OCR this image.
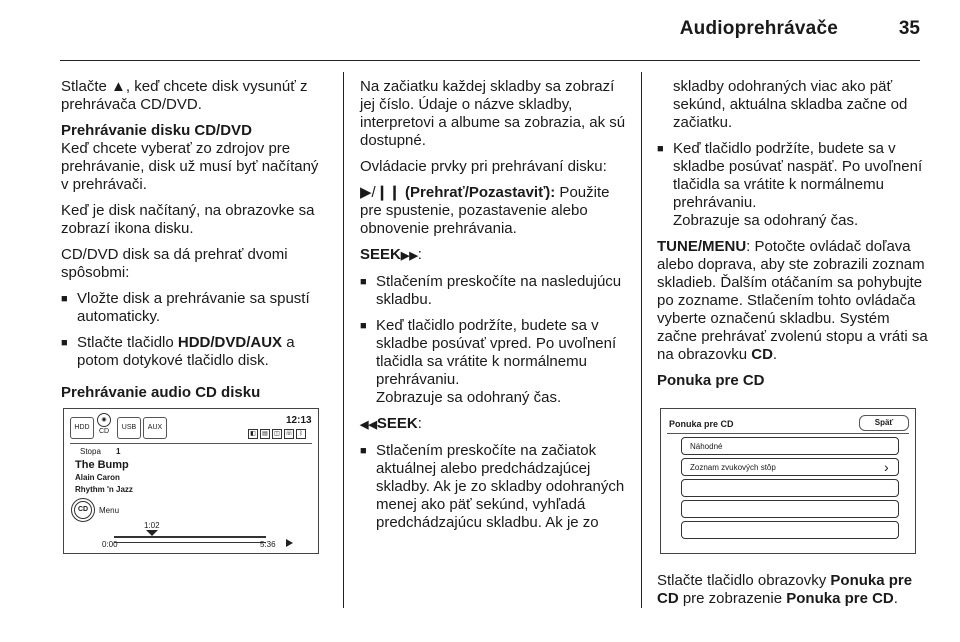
Audioprehrávače	35

Stlačte ▲, keď chcete disk vysunúť z prehrávača CD/DVD.

Prehrávanie disku CD/DVD

Keď chcete vyberať zo zdrojov pre prehrávanie, disk už musí byť načítaný v prehrávači.

Keď je disk načítaný, na obrazovke sa zobrazí ikona disku.

CD/DVD disk sa dá prehrať dvomi spôsobmi:

■ Vložte disk a prehrávanie sa spustí automaticky.
■ Stlačte tlačidlo HDD/DVD/AUX a potom dotykové tlačidlo disk.
Prehrávanie audio CD disku
HDD
◉
CD
USB	AUX
12:13
◧	▤	◫ ☏	ᛒ
Stopa 1
The Bump
Alain Caron
Rhythm 'n Jazz
CD	Menu
1:02
0:00	5:36

Na začiatku každej skladby sa zobrazí jej číslo. Údaje o názve skladby, interpretovi a albume sa zobrazia, ak sú dostupné.

Ovládacie prvky pri prehrávaní disku:

▶/❙❙ (Prehrať/Pozastaviť): Použite pre spustenie, pozastavenie alebo obnovenie prehrávania.

SEEK▶▶:

■ Stlačením preskočíte na nasledujúcu skladbu.
■ Keď tlačidlo podržíte, budete sa v skladbe posúvať vpred. Po uvoľnení tlačidla sa vrátite k normálnemu prehrávaniu.
Zobrazuje sa odohraný čas.

◀◀SEEK:

■ Stlačením preskočíte na začiatok aktuálnej alebo predchádzajúcej skladby. Ak je zo skladby odohraných menej ako päť sekúnd, vyhľadá predchádzajúcu skladbu. Ak je zo
skladby odohraných viac ako päť sekúnd, aktuálna skladba začne od začiatku.
■ Keď tlačidlo podržíte, budete sa v skladbe posúvať naspäť. Po uvoľnení tlačidla sa vrátite k normálnemu prehrávaniu.
Zobrazuje sa odohraný čas.

TUNE/MENU: Potočte ovládač doľava alebo doprava, aby ste zobrazili zoznam skladieb. Ďalším otáčaním sa pohybujte po zozname. Stlačením tohto ovládača vyberte označenú skladbu. Systém začne prehrávať zvolenú stopu a vráti sa na obrazovku CD.

Ponuka pre CD
Ponuka pre CD	Späť
Náhodné
Zoznam zvukových stôp	›

Stlačte tlačidlo obrazovky Ponuka pre CD pre zobrazenie Ponuka pre CD.
